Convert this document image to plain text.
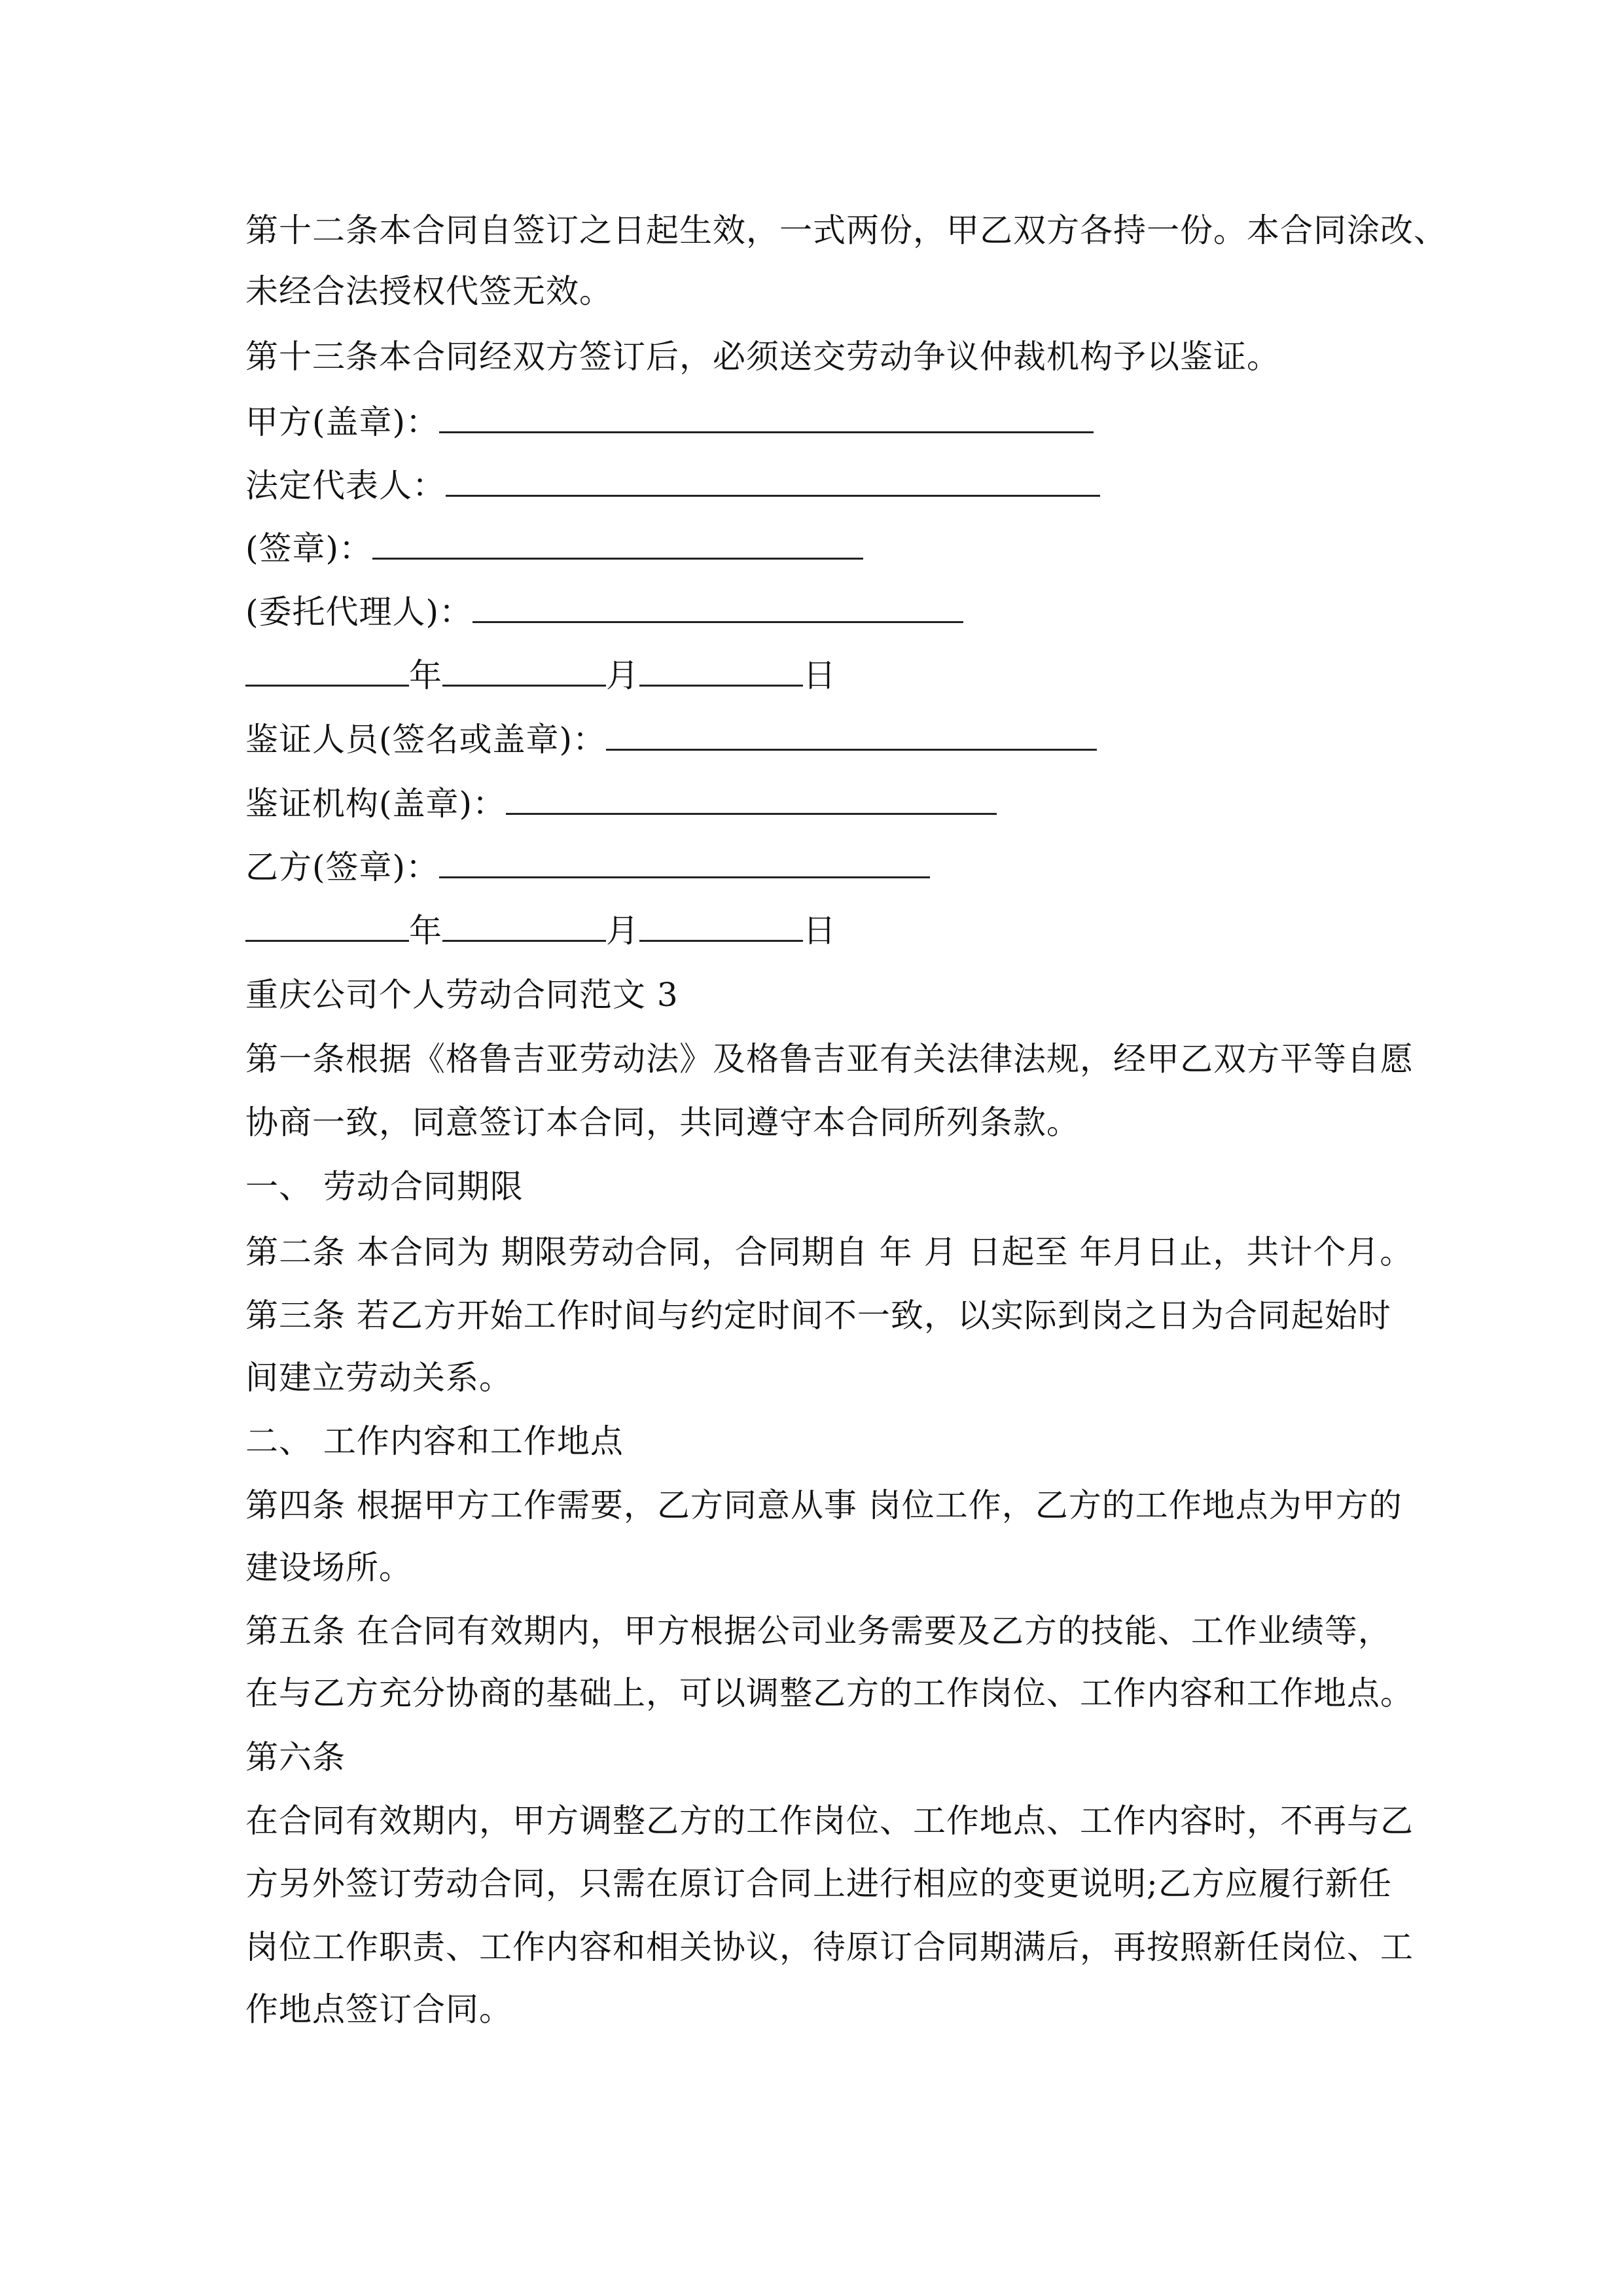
第十二条本合同自签订之日起生效，一式两份，甲乙双方各持一份。本合同涂改、
未经合法授权代签无效。
第十三条本合同经双方签订后，必须送交劳动争议仲裁机构予以鉴证。
甲方(盖章)：
法定代表人：
(签章)：
(委托代理人)：
年	月	日
鉴证人员(签名或盖章)：
鉴证机构(盖章)：
乙方(签章)：
年	月	日
重庆公司个人劳动合同范文 3
第一条根据《格鲁吉亚劳动法》及格鲁吉亚有关法律法规，经甲乙双方平等自愿
协商一致，同意签订本合同，共同遵守本合同所列条款。
一、 劳动合同期限
第二条 本合同为 期限劳动合同，合同期自 年 月 日起至 年月日止，共计个月。
第三条 若乙方开始工作时间与约定时间不一致，以实际到岗之日为合同起始时
间建立劳动关系。
二、 工作内容和工作地点
第四条 根据甲方工作需要，乙方同意从事 岗位工作，乙方的工作地点为甲方的
建设场所。
第五条 在合同有效期内，甲方根据公司业务需要及乙方的技能、工作业绩等，
在与乙方充分协商的基础上，可以调整乙方的工作岗位、工作内容和工作地点。
第六条
在合同有效期内，甲方调整乙方的工作岗位、工作地点、工作内容时，不再与乙
方另外签订劳动合同，只需在原订合同上进行相应的变更说明;乙方应履行新任
岗位工作职责、工作内容和相关协议，待原订合同期满后，再按照新任岗位、工
作地点签订合同。
